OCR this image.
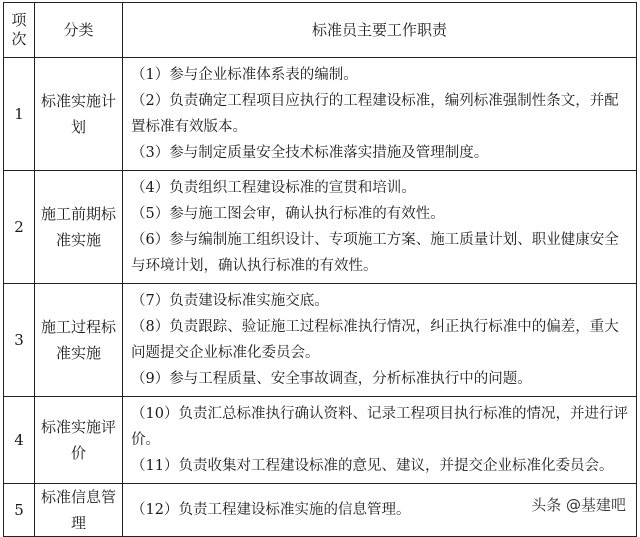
项次	分类	标准员主要工作职责
1	标准实施计划	（1）参与企业标准体系表的编制。
（2）负责确定工程项目应执行的工程建设标准，编列标准强制性条文，并配置标准有效版本。
（3）参与制定质量安全技术标准落实措施及管理制度。

2	施工前期标准实施	（4）负责组织工程建设标准的宣贯和培训。
（5）参与施工图会审，确认执行标准的有效性。
（6）参与编制施工组织设计、专项施工方案、施工质量计划、职业健康安全与环境计划，确认执行标准的有效性。

3	施工过程标准实施	（7）负责建设标准实施交底。
（8）负责跟踪、验证施工过程标准执行情况，纠正执行标准中的偏差，重大问题提交企业标准化委员会。
（9）参与工程质量、安全事故调查，分析标准执行中的问题。

4	标准实施评价	（10）负责汇总标准执行确认资料、记录工程项目执行标准的情况，并进行评价。
（11）负责收集对工程建设标准的意见、建议，并提交企业标准化委员会。

5	标准信息管理	（12）负责工程建设标准实施的信息管理。	头条 @基建吧
